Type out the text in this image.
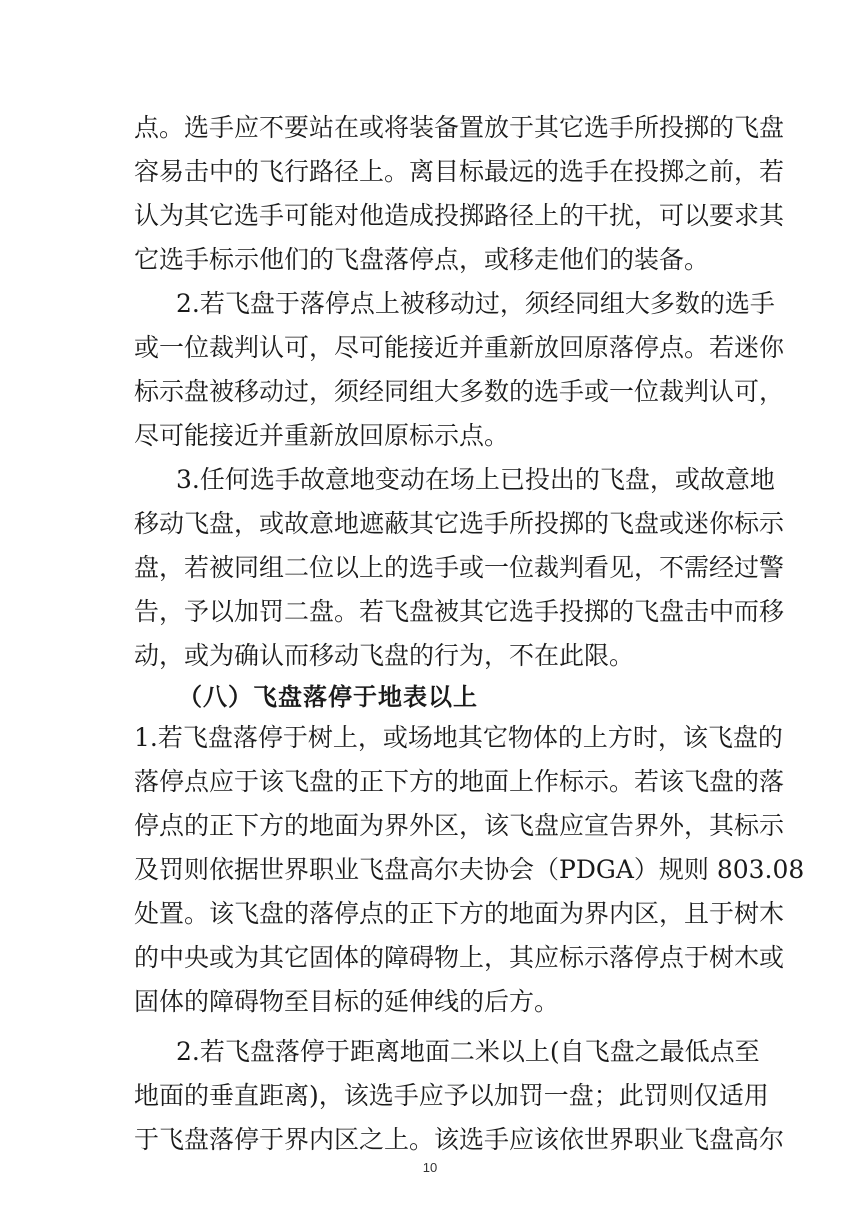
点。选手应不要站在或将装备置放于其它选手所投掷的飞盘
容易击中的飞行路径上。离目标最远的选手在投掷之前，若
认为其它选手可能对他造成投掷路径上的干扰，可以要求其
它选手标示他们的飞盘落停点，或移走他们的装备。
2.若飞盘于落停点上被移动过，须经同组大多数的选手
或一位裁判认可，尽可能接近并重新放回原落停点。若迷你
标示盘被移动过，须经同组大多数的选手或一位裁判认可，
尽可能接近并重新放回原标示点。
3.任何选手故意地变动在场上已投出的飞盘，或故意地
移动飞盘，或故意地遮蔽其它选手所投掷的飞盘或迷你标示
盘，若被同组二位以上的选手或一位裁判看见，不需经过警
告，予以加罚二盘。若飞盘被其它选手投掷的飞盘击中而移
动，或为确认而移动飞盘的行为，不在此限。
（八）飞盘落停于地表以上
1.若飞盘落停于树上，或场地其它物体的上方时，该飞盘的
落停点应于该飞盘的正下方的地面上作标示。若该飞盘的落
停点的正下方的地面为界外区，该飞盘应宣告界外，其标示
及罚则依据世界职业飞盘高尔夫协会（PDGA）规则 803.08
处置。该飞盘的落停点的正下方的地面为界内区，且于树木
的中央或为其它固体的障碍物上，其应标示落停点于树木或
固体的障碍物至目标的延伸线的后方。
2.若飞盘落停于距离地面二米以上(自飞盘之最低点至
地面的垂直距离)，该选手应予以加罚一盘；此罚则仅适用
于飞盘落停于界内区之上。该选手应该依世界职业飞盘高尔
10
